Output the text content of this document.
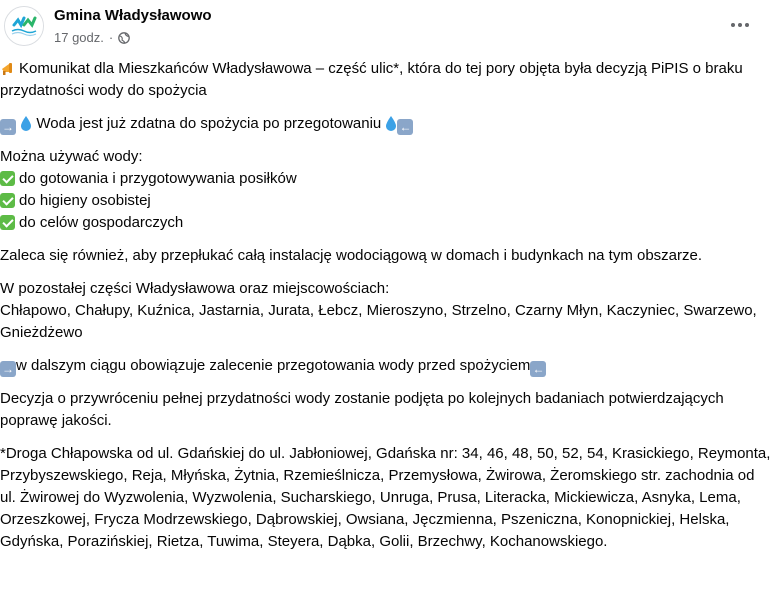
Gmina Władysławowo
17 godz. ·

Komunikat dla Mieszkańców Władysławowa – część ulic*, która do tej pory objęta była decyzją PiPIS o braku przydatności wody do spożycia

→ Woda jest już zdatna do spożycia po przegotowaniu ←

Można używać wody:
do gotowania i przygotowywania posiłków
do higieny osobistej
do celów gospodarczych

Zaleca się również, aby przepłukać całą instalację wodociągową w domach i budynkach na tym obszarze.

W pozostałej części Władysławowa oraz miejscowościach:
Chłapowo, Chałupy, Kuźnica, Jastarnia, Jurata, Łebcz, Mieroszyno, Strzelno, Czarny Młyn, Kaczyniec, Swarzewo, Gnieżdżewo

→ w dalszym ciągu obowiązuje zalecenie przegotowania wody przed spożyciem ←

Decyzja o przywróceniu pełnej przydatności wody zostanie podjęta po kolejnych badaniach potwierdzających poprawę jakości.

*Droga Chłapowska od ul. Gdańskiej do ul. Jabłoniowej, Gdańska nr: 34, 46, 48, 50, 52, 54, Krasickiego, Reymonta, Przybyszewskiego, Reja, Młyńska, Żytnia, Rzemieślnicza, Przemysłowa, Żwirowa, Żeromskiego str. zachodnia od ul. Żwirowej do Wyzwolenia, Wyzwolenia, Sucharskiego, Unruga, Prusa, Literacka, Mickiewicza, Asnyka, Lema, Orzeszkowej, Frycza Modrzewskiego, Dąbrowskiej, Owsiana, Jęczmienna, Pszeniczna, Konopnickiej, Helska, Gdyńska, Porazińskiej, Rietza, Tuwima, Steyera, Dąbka, Golii, Brzechwy, Kochanowskiego.
